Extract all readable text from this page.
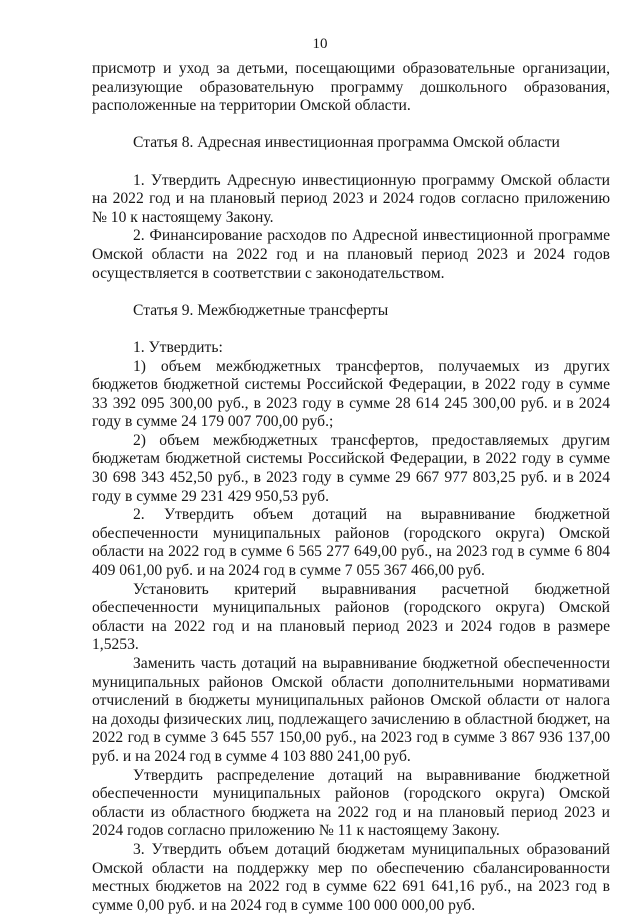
10

присмотр и уход за детьми, посещающими образовательные организации, реализующие образовательную программу дошкольного образования, расположенные на территории Омской области.

Статья 8. Адресная инвестиционная программа Омской области

1. Утвердить Адресную инвестиционную программу Омской области на 2022 год и на плановый период 2023 и 2024 годов согласно приложению № 10 к настоящему Закону.

2. Финансирование расходов по Адресной инвестиционной программе Омской области на 2022 год и на плановый период 2023 и 2024 годов осуществляется в соответствии с законодательством.

Статья 9. Межбюджетные трансферты

1. Утвердить:

1) объем межбюджетных трансфертов, получаемых из других бюджетов бюджетной системы Российской Федерации, в 2022 году в сумме 33 392 095 300,00 руб., в 2023 году в сумме 28 614 245 300,00 руб. и в 2024 году в сумме 24 179 007 700,00 руб.;

2) объем межбюджетных трансфертов, предоставляемых другим бюджетам бюджетной системы Российской Федерации, в 2022 году в сумме 30 698 343 452,50 руб., в 2023 году в сумме 29 667 977 803,25 руб. и в 2024 году в сумме 29 231 429 950,53 руб.

2. Утвердить объем дотаций на выравнивание бюджетной обеспеченности муниципальных районов (городского округа) Омской области на 2022 год в сумме 6 565 277 649,00 руб., на 2023 год в сумме 6 804 409 061,00 руб. и на 2024 год в сумме 7 055 367 466,00 руб.

Установить критерий выравнивания расчетной бюджетной обеспеченности муниципальных районов (городского округа) Омской области на 2022 год и на плановый период 2023 и 2024 годов в размере 1,5253.

Заменить часть дотаций на выравнивание бюджетной обеспеченности муниципальных районов Омской области дополнительными нормативами отчислений в бюджеты муниципальных районов Омской области от налога на доходы физических лиц, подлежащего зачислению в областной бюджет, на 2022 год в сумме 3 645 557 150,00 руб., на 2023 год в сумме 3 867 936 137,00 руб. и на 2024 год в сумме 4 103 880 241,00 руб.

Утвердить распределение дотаций на выравнивание бюджетной обеспеченности муниципальных районов (городского округа) Омской области из областного бюджета на 2022 год и на плановый период 2023 и 2024 годов согласно приложению № 11 к настоящему Закону.

3. Утвердить объем дотаций бюджетам муниципальных образований Омской области на поддержку мер по обеспечению сбалансированности местных бюджетов на 2022 год в сумме 622 691 641,16 руб., на 2023 год в сумме 0,00 руб. и на 2024 год в сумме 100 000 000,00 руб.
